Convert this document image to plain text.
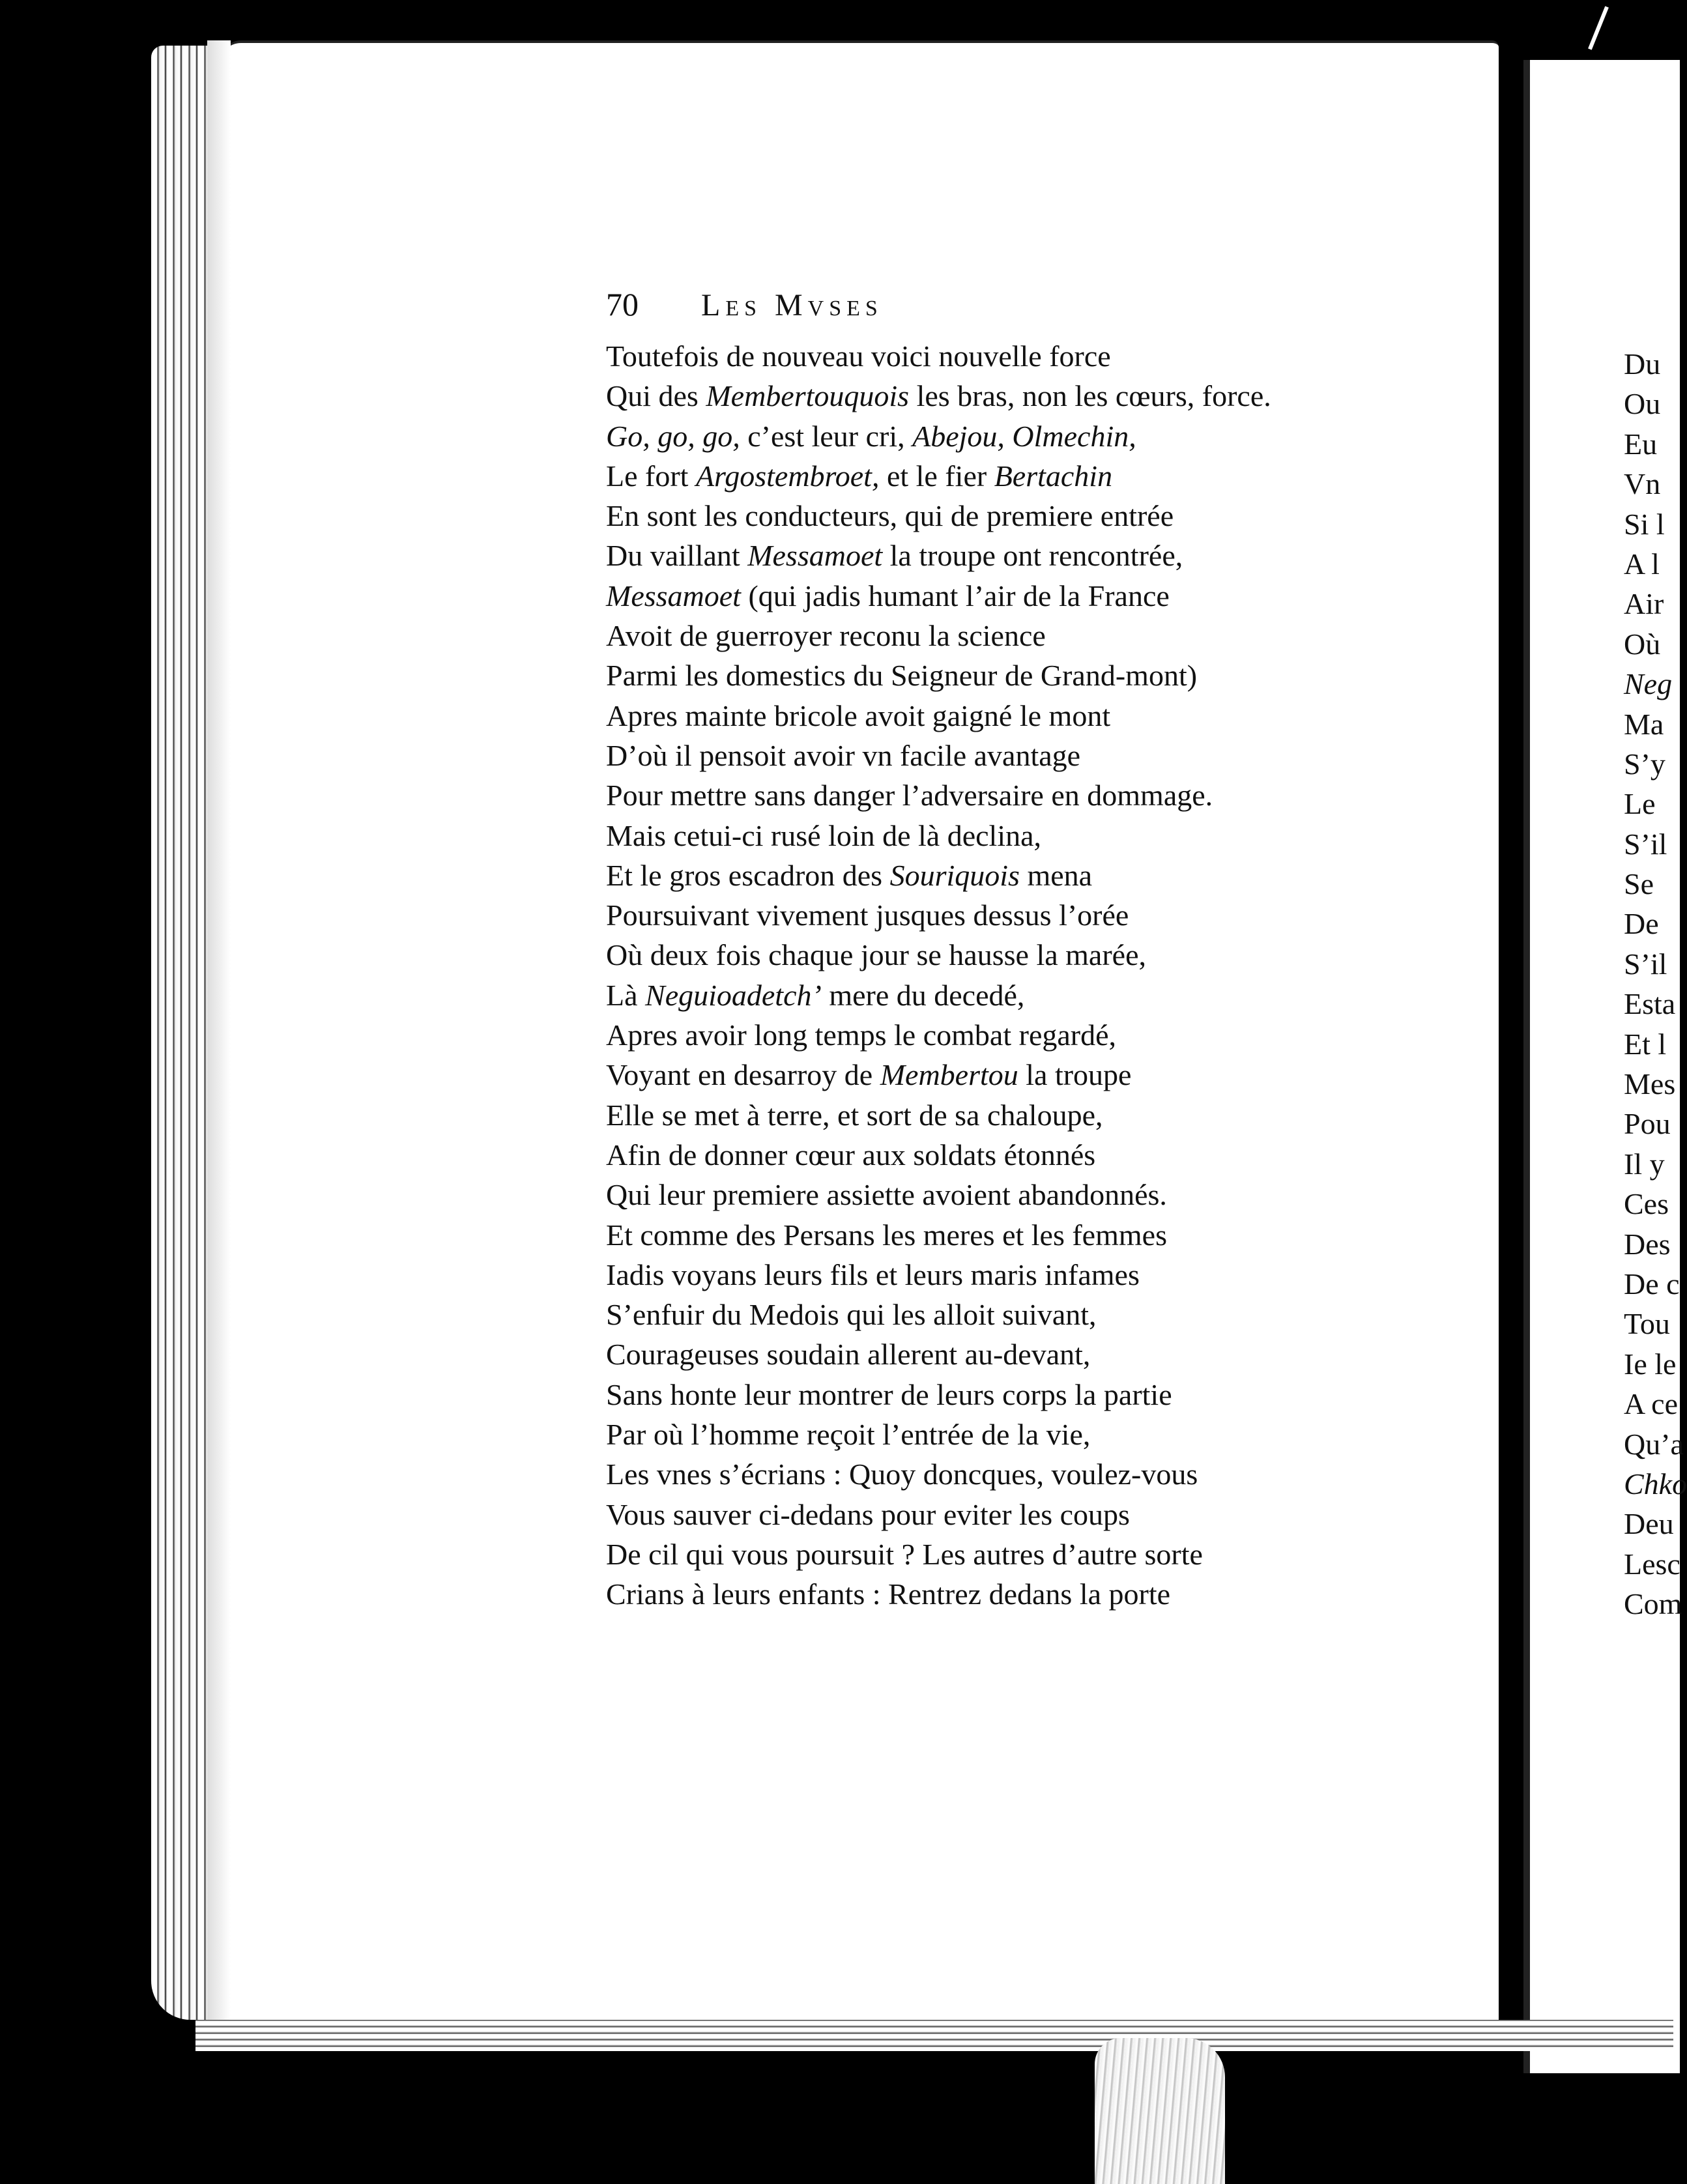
Du
Ou
Eu
Vn
Si l
A l
Air
Où
Neg
Ma
S’y
Le
S’il
Se
De
S’il
Esta
Et l
Mes
Pou
Il y
Ces
Des
De c
Tou
Ie le
A ce
Qu’a
Chko
Deu
Lesc
Com
70 Les Mvses
Toutefois de nouveau voici nouvelle force
Qui des Membertouquois les bras, non les cœurs, force.
Go, go, go, c’est leur cri, Abejou, Olmechin,
Le fort Argostembroet, et le fier Bertachin
En sont les conducteurs, qui de premiere entrée
Du vaillant Messamoet la troupe ont rencontrée,
Messamoet (qui jadis humant l’air de la France
Avoit de guerroyer reconu la science
Parmi les domestics du Seigneur de Grand-mont)
Apres mainte bricole avoit gaigné le mont
D’où il pensoit avoir vn facile avantage
Pour mettre sans danger l’adversaire en dommage.
Mais cetui-ci rusé loin de là declina,
Et le gros escadron des Souriquois mena
Poursuivant vivement jusques dessus l’orée
Où deux fois chaque jour se hausse la marée,
Là Neguioadetch’ mere du decedé,
Apres avoir long temps le combat regardé,
Voyant en desarroy de Membertou la troupe
Elle se met à terre, et sort de sa chaloupe,
Afin de donner cœur aux soldats étonnés
Qui leur premiere assiette avoient abandonnés.
Et comme des Persans les meres et les femmes
Iadis voyans leurs fils et leurs maris infames
S’enfuir du Medois qui les alloit suivant,
Courageuses soudain allerent au-devant,
Sans honte leur montrer de leurs corps la partie
Par où l’homme reçoit l’entrée de la vie,
Les vnes s’écrians : Quoy doncques, voulez-vous
Vous sauver ci-dedans pour eviter les coups
De cil qui vous poursuit ? Les autres d’autre sorte
Crians à leurs enfants : Rentrez dedans la porte
